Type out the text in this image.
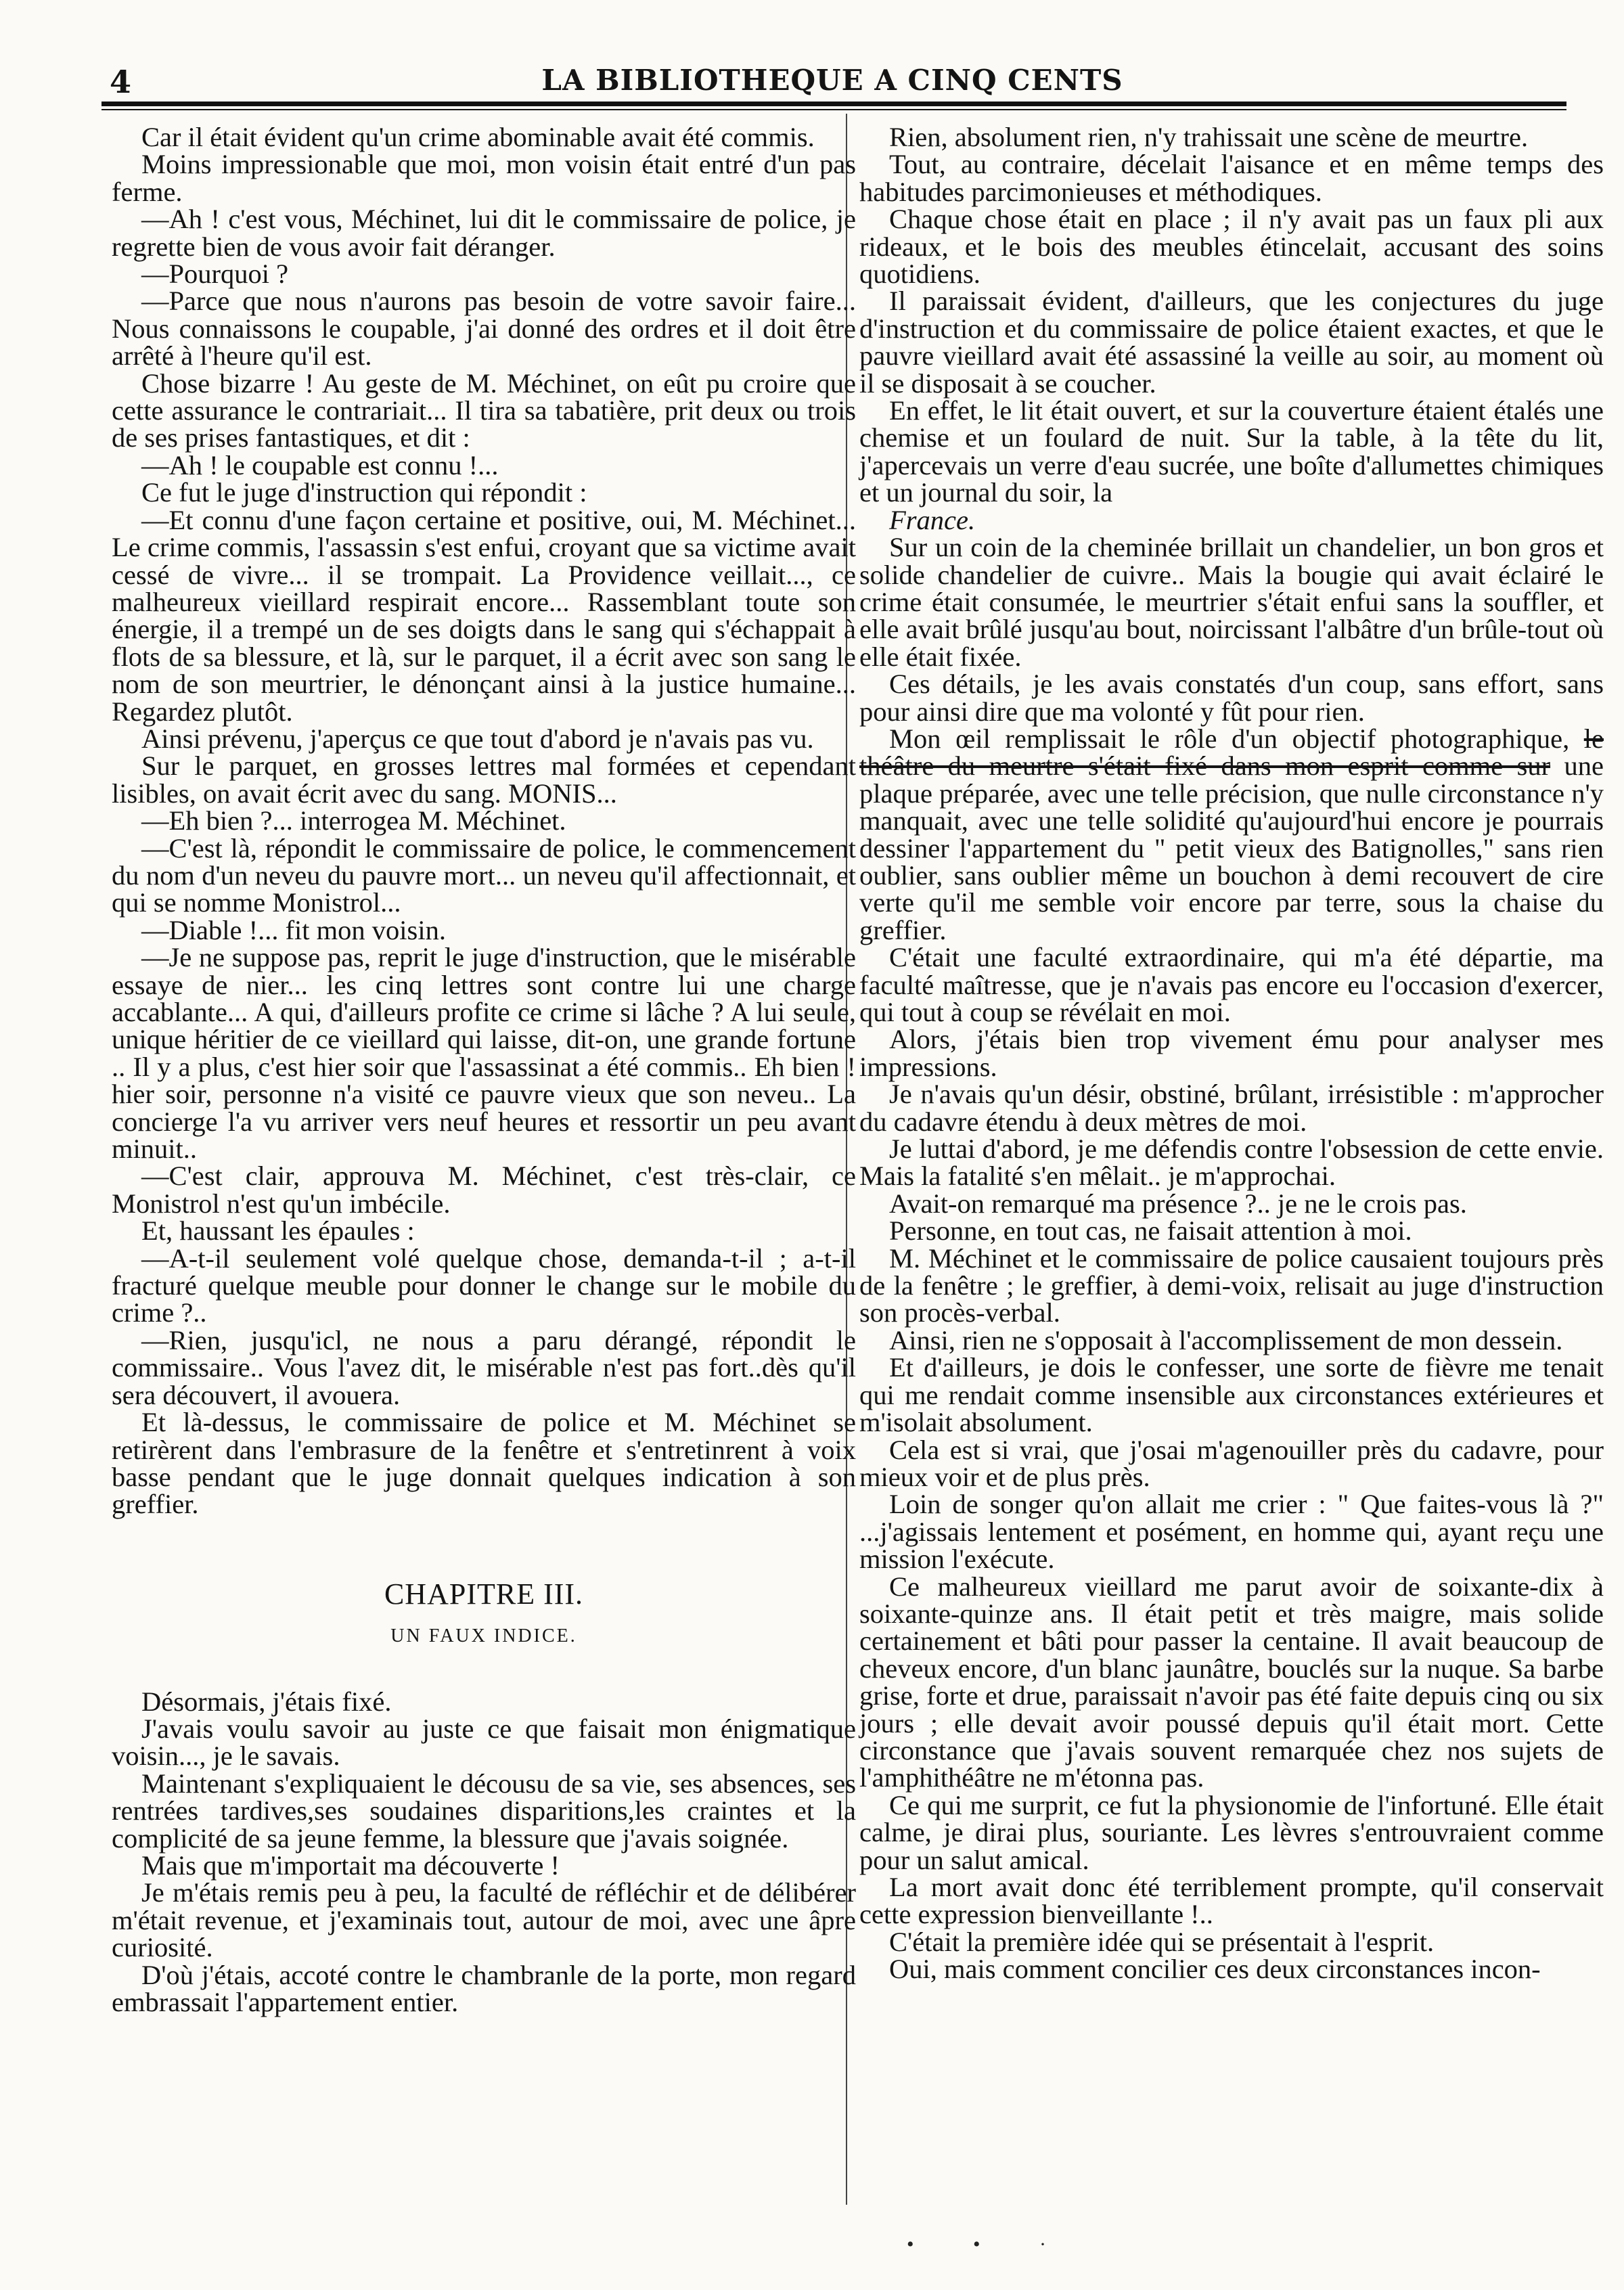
4	LA BIBLIOTHEQUE A CINQ CENTS

Car il était évident qu'un crime abominable avait été commis.

Moins impressionable que moi, mon voisin était entré d'un pas ferme.

—Ah ! c'est vous, Méchinet, lui dit le commissaire de police, je regrette bien de vous avoir fait déranger.

—Pourquoi ?

—Parce que nous n'aurons pas besoin de votre savoir faire... Nous connaissons le coupable, j'ai donné des ordres et il doit être arrêté à l'heure qu'il est.

Chose bizarre ! Au geste de M. Méchinet, on eût pu croire que cette assurance le contrariait... Il tira sa tabatière, prit deux ou trois de ses prises fantastiques, et dit :

—Ah ! le coupable est connu !...

Ce fut le juge d'instruction qui répondit :

—Et connu d'une façon certaine et positive, oui, M. Méchinet... Le crime commis, l'assassin s'est enfui, croyant que sa victime avait cessé de vivre... il se trompait. La Providence veillait..., ce malheureux vieillard respirait encore... Rassemblant toute son énergie, il a trempé un de ses doigts dans le sang qui s'échappait à flots de sa blessure, et là, sur le parquet, il a écrit avec son sang le nom de son meurtrier, le dénonçant ainsi à la justice humaine... Regardez plutôt.

Ainsi prévenu, j'aperçus ce que tout d'abord je n'avais pas vu.

Sur le parquet, en grosses lettres mal formées et cependant lisibles, on avait écrit avec du sang. MONIS...

—Eh bien ?... interrogea M. Méchinet.

—C'est là, répondit le commissaire de police, le commencement du nom d'un neveu du pauvre mort... un neveu qu'il affectionnait, et qui se nomme Monistrol...

—Diable !... fit mon voisin.

—Je ne suppose pas, reprit le juge d'instruction, que le misérable essaye de nier... les cinq lettres sont contre lui une charge accablante... A qui, d'ailleurs profite ce crime si lâche ? A lui seule, unique héritier de ce vieillard qui laisse, dit-on, une grande fortune .. Il y a plus, c'est hier soir que l'assassinat a été commis.. Eh bien ! hier soir, personne n'a visité ce pauvre vieux que son neveu.. La concierge l'a vu arriver vers neuf heures et ressortir un peu avant minuit..

—C'est clair, approuva M. Méchinet, c'est très-clair, ce Monistrol n'est qu'un imbécile.

Et, haussant les épaules :

—A-t-il seulement volé quelque chose, demanda-t-il ; a-t-il fracturé quelque meuble pour donner le change sur le mobile du crime ?..

—Rien, jusqu'icl, ne nous a paru dérangé, répondit le commissaire.. Vous l'avez dit, le misérable n'est pas fort..dès qu'il sera découvert, il avouera.

Et là-dessus, le commissaire de police et M. Méchinet se retirèrent dans l'embrasure de la fenêtre et s'entretinrent à voix basse pendant que le juge donnait quelques indication à son greffier.

CHAPITRE III.

UN FAUX INDICE.

Désormais, j'étais fixé.

J'avais voulu savoir au juste ce que faisait mon énigmatique voisin..., je le savais.

Maintenant s'expliquaient le décousu de sa vie, ses absences, ses rentrées tardives,ses soudaines disparitions,les craintes et la complicité de sa jeune femme, la blessure que j'avais soignée.

Mais que m'importait ma découverte !

Je m'étais remis peu à peu, la faculté de réfléchir et de délibérer m'était revenue, et j'examinais tout, autour de moi, avec une âpre curiosité.

D'où j'étais, accoté contre le chambranle de la porte, mon regard embrassait l'appartement entier.

Rien, absolument rien, n'y trahissait une scène de meurtre.

Tout, au contraire, décelait l'aisance et en même temps des habitudes parcimonieuses et méthodiques.

Chaque chose était en place ; il n'y avait pas un faux pli aux rideaux, et le bois des meubles étincelait, accusant des soins quotidiens.

Il paraissait évident, d'ailleurs, que les conjectures du juge d'instruction et du commissaire de police étaient exactes, et que le pauvre vieillard avait été assassiné la veille au soir, au moment où il se disposait à se coucher.

En effet, le lit était ouvert, et sur la couverture étaient étalés une chemise et un foulard de nuit. Sur la table, à la tête du lit, j'apercevais un verre d'eau sucrée, une boîte d'allumettes chimiques et un journal du soir, la

France.

Sur un coin de la cheminée brillait un chandelier, un bon gros et solide chandelier de cuivre.. Mais la bougie qui avait éclairé le crime était consumée, le meurtrier s'était enfui sans la souffler, et elle avait brûlé jusqu'au bout, noircissant l'albâtre d'un brûle-tout où elle était fixée.

Ces détails, je les avais constatés d'un coup, sans effort, sans pour ainsi dire que ma volonté y fût pour rien.

Mon œil remplissait le rôle d'un objectif photographique, le théâtre du meurtre s'était fixé dans mon esprit comme sur une plaque préparée, avec une telle précision, que nulle circonstance n'y manquait, avec une telle solidité qu'aujourd'hui encore je pourrais dessiner l'appartement du " petit vieux des Batignolles," sans rien oublier, sans oublier même un bouchon à demi recouvert de cire verte qu'il me semble voir encore par terre, sous la chaise du greffier.

C'était une faculté extraordinaire, qui m'a été départie, ma faculté maîtresse, que je n'avais pas encore eu l'occasion d'exercer, qui tout à coup se révélait en moi.

Alors, j'étais bien trop vivement ému pour analyser mes impressions.

Je n'avais qu'un désir, obstiné, brûlant, irrésistible : m'approcher du cadavre étendu à deux mètres de moi.

Je luttai d'abord, je me défendis contre l'obsession de cette envie. Mais la fatalité s'en mêlait.. je m'approchai.

Avait-on remarqué ma présence ?.. je ne le crois pas.

Personne, en tout cas, ne faisait attention à moi.

M. Méchinet et le commissaire de police causaient toujours près de la fenêtre ; le greffier, à demi-voix, relisait au juge d'instruction son procès-verbal.

Ainsi, rien ne s'opposait à l'accomplissement de mon dessein.

Et d'ailleurs, je dois le confesser, une sorte de fièvre me tenait qui me rendait comme insensible aux circonstances extérieures et m'isolait absolument.

Cela est si vrai, que j'osai m'agenouiller près du cadavre, pour mieux voir et de plus près.

Loin de songer qu'on allait me crier : " Que faites-vous là ?" ...j'agissais lentement et posément, en homme qui, ayant reçu une mission l'exécute.

Ce malheureux vieillard me parut avoir de soixante-dix à soixante-quinze ans. Il était petit et très maigre, mais solide certainement et bâti pour passer la centaine. Il avait beaucoup de cheveux encore, d'un blanc jaunâtre, bouclés sur la nuque. Sa barbe grise, forte et drue, paraissait n'avoir pas été faite depuis cinq ou six jours ; elle devait avoir poussé depuis qu'il était mort. Cette circonstance que j'avais souvent remarquée chez nos sujets de l'amphithéâtre ne m'étonna pas.

Ce qui me surprit, ce fut la physionomie de l'infortuné. Elle était calme, je dirai plus, souriante. Les lèvres s'entrouvraient comme pour un salut amical.

La mort avait donc été terriblement prompte, qu'il conservait cette expression bienveillante !..

C'était la première idée qui se présentait à l'esprit.

Oui, mais comment concilier ces deux circonstances incon-

• • ·
